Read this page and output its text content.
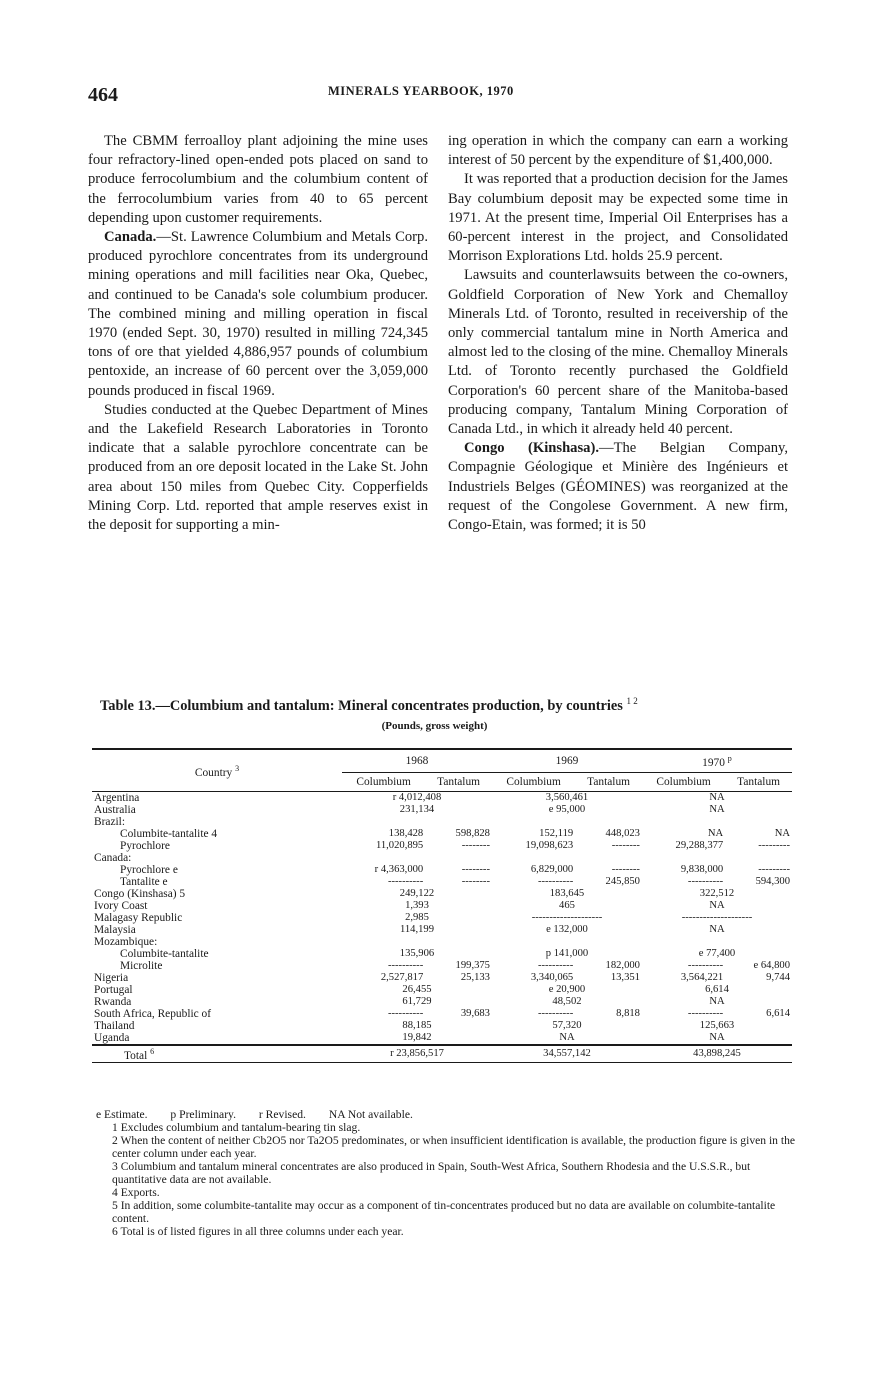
464	MINERALS YEARBOOK, 1970

The CBMM ferroalloy plant adjoining the mine uses four refractory-lined open-ended pots placed on sand to produce ferrocolumbium and the columbium content of the ferrocolumbium varies from 40 to 65 percent depending upon customer requirements.

Canada.—St. Lawrence Columbium and Metals Corp. produced pyrochlore concentrates from its underground mining operations and mill facilities near Oka, Quebec, and continued to be Canada's sole columbium producer. The combined mining and milling operation in fiscal 1970 (ended Sept. 30, 1970) resulted in milling 724,345 tons of ore that yielded 4,886,957 pounds of columbium pentoxide, an increase of 60 percent over the 3,059,000 pounds produced in fiscal 1969.

Studies conducted at the Quebec Department of Mines and the Lakefield Research Laboratories in Toronto indicate that a salable pyrochlore concentrate can be produced from an ore deposit located in the Lake St. John area about 150 miles from Quebec City. Copperfields Mining Corp. Ltd. reported that ample reserves exist in the deposit for supporting a min-

ing operation in which the company can earn a working interest of 50 percent by the expenditure of $1,400,000.

It was reported that a production decision for the James Bay columbium deposit may be expected some time in 1971. At the present time, Imperial Oil Enterprises has a 60-percent interest in the project, and Consolidated Morrison Explorations Ltd. holds 25.9 percent.

Lawsuits and counterlawsuits between the co-owners, Goldfield Corporation of New York and Chemalloy Minerals Ltd. of Toronto, resulted in receivership of the only commercial tantalum mine in North America and almost led to the closing of the mine. Chemalloy Minerals Ltd. of Toronto recently purchased the Goldfield Corporation's 60 percent share of the Manitoba-based producing company, Tantalum Mining Corporation of Canada Ltd., in which it already held 40 percent.

Congo (Kinshasa).—The Belgian Company, Compagnie Géologique et Minière des Ingénieurs et Industriels Belges (GÉOMINES) was reorganized at the request of the Congolese Government. A new firm, Congo-Etain, was formed; it is 50

Table 13.—Columbium and tantalum: Mineral concentrates production, by countries $^{1 2}$
(Pounds, gross weight)
Country $^3$	1968		1969		1970 $^p$
	Columbium	Tantalum	Columbium	Tantalum	Columbium	Tantalum
Argentina	r 4,012,408		3,560,461		NA	
Australia	231,134		e 95,000		NA	
Brazil:						
Columbite-tantalite 4	138,428	598,828	152,119	448,023	NA	NA
Pyrochlore	11,020,895	--------	19,098,623	--------	29,288,377	---------
Canada:						
Pyrochlore e	r 4,363,000	--------	6,829,000	--------	9,838,000	---------
Tantalite e	----------	--------	----------	245,850	----------	594,300
Congo (Kinshasa) 5	249,122		183,645		322,512	
Ivory Coast	1,393		465		NA	
Malagasy Republic	2,985		--------------------		--------------------	
Malaysia	114,199		e 132,000		NA	
Mozambique:						
Columbite-tantalite	135,906		p 141,000		e 77,400	
Microlite	----------	199,375	----------	182,000	----------	e 64,800
Nigeria	2,527,817	25,133	3,340,065	13,351	3,564,221	9,744
Portugal	26,455		e 20,900		6,614	
Rwanda	61,729		48,502		NA	
South Africa, Republic of	----------	39,683	----------	8,818	----------	6,614
Thailand	88,185		57,320		125,663	
Uganda	19,842		NA		NA	
Total $^6$	r 23,856,517		34,557,142		43,898,245	

e Estimate. p Preliminary. r Revised. NA Not available.

1 Excludes columbium and tantalum-bearing tin slag.

2 When the content of neither Cb2O5 nor Ta2O5 predominates, or when insufficient identification is available, the production figure is given in the center column under each year.

3 Columbium and tantalum mineral concentrates are also produced in Spain, South-West Africa, Southern Rhodesia and the U.S.S.R., but quantitative data are not available.

4 Exports.

5 In addition, some columbite-tantalite may occur as a component of tin-concentrates produced but no data are available on columbite-tantalite content.

6 Total is of listed figures in all three columns under each year.
